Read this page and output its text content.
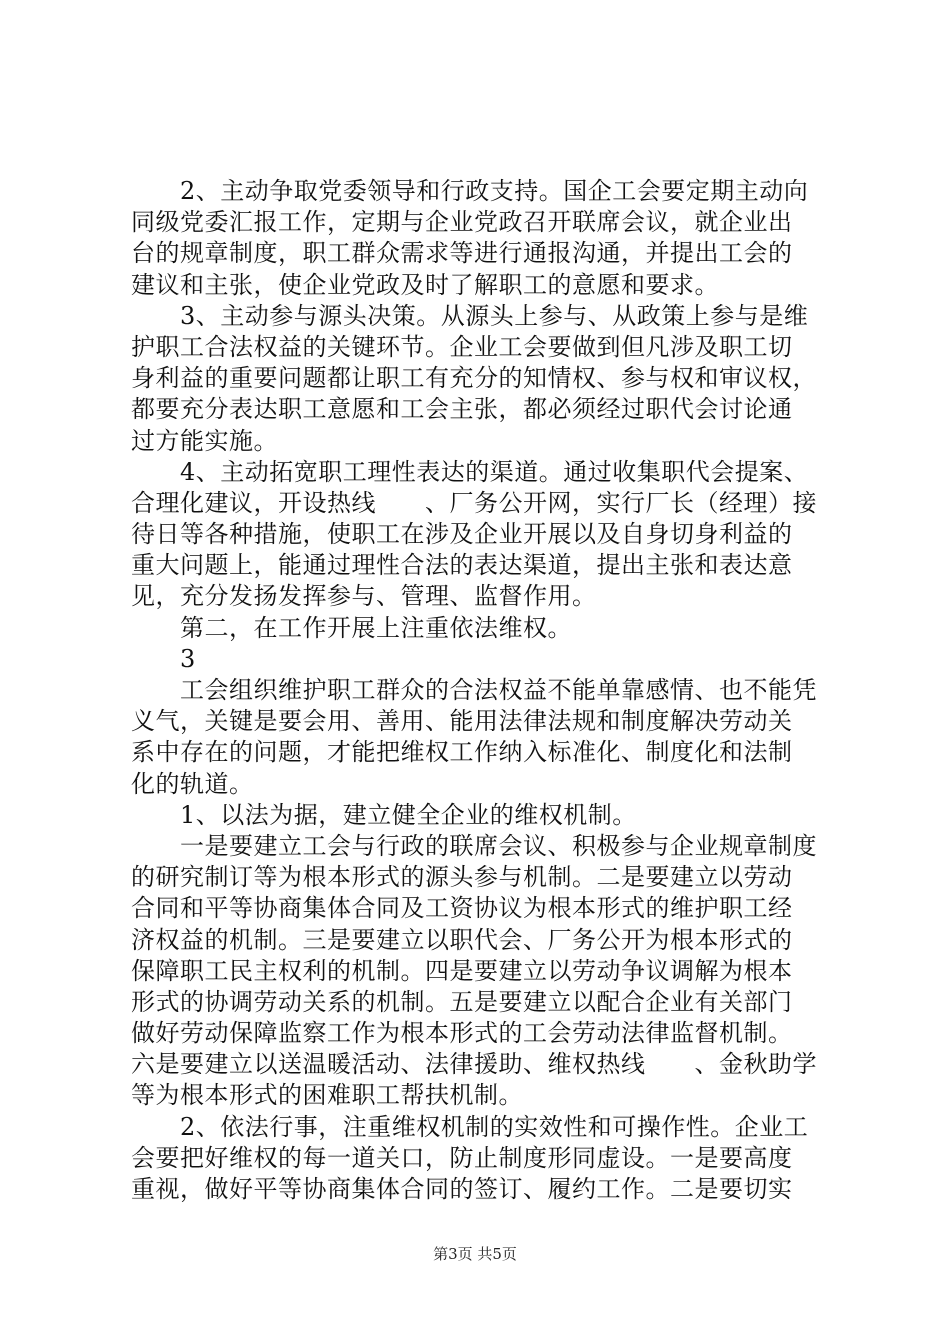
2、主动争取党委领导和行政支持。国企工会要定期主动向
同级党委汇报工作，定期与企业党政召开联席会议，就企业出
台的规章制度，职工群众需求等进行通报沟通，并提出工会的
建议和主张，使企业党政及时了解职工的意愿和要求。
3、主动参与源头决策。从源头上参与、从政策上参与是维
护职工合法权益的关键环节。企业工会要做到但凡涉及职工切
身利益的重要问题都让职工有充分的知情权、参与权和审议权，
都要充分表达职工意愿和工会主张，都必须经过职代会讨论通
过方能实施。
4、主动拓宽职工理性表达的渠道。通过收集职代会提案、
合理化建议，开设热线　　、厂务公开网，实行厂长（经理）接
待日等各种措施，使职工在涉及企业开展以及自身切身利益的
重大问题上，能通过理性合法的表达渠道，提出主张和表达意
见，充分发扬发挥参与、管理、监督作用。
第二，在工作开展上注重依法维权。
3
工会组织维护职工群众的合法权益不能单靠感情、也不能凭
义气，关键是要会用、善用、能用法律法规和制度解决劳动关
系中存在的问题，才能把维权工作纳入标准化、制度化和法制
化的轨道。
1、以法为据，建立健全企业的维权机制。
一是要建立工会与行政的联席会议、积极参与企业规章制度
的研究制订等为根本形式的源头参与机制。二是要建立以劳动
合同和平等协商集体合同及工资协议为根本形式的维护职工经
济权益的机制。三是要建立以职代会、厂务公开为根本形式的
保障职工民主权利的机制。四是要建立以劳动争议调解为根本
形式的协调劳动关系的机制。五是要建立以配合企业有关部门
做好劳动保障监察工作为根本形式的工会劳动法律监督机制。
六是要建立以送温暖活动、法律援助、维权热线　　、金秋助学
等为根本形式的困难职工帮扶机制。
2、依法行事，注重维权机制的实效性和可操作性。企业工
会要把好维权的每一道关口，防止制度形同虚设。一是要高度
重视，做好平等协商集体合同的签订、履约工作。二是要切实
第3页 共5页
